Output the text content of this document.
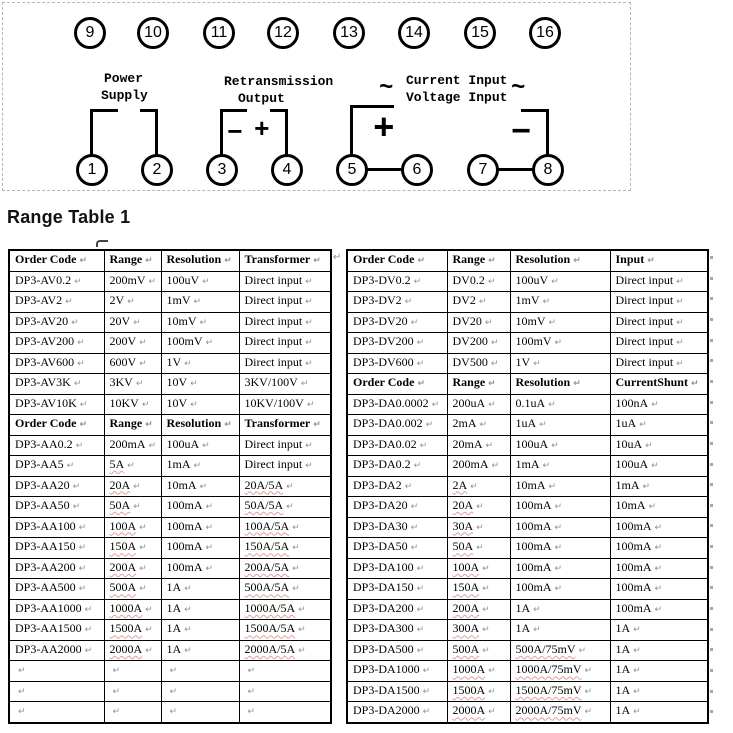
9	10	11	12	13	14	15	16
1	2	3	4	5	6	7	8
Power
Supply
Retransmission
Output	~ Current Input ~
Voltage Input
− +	+	−
Range Table 1
↵
Order Code ↵	Range ↵	Resolution ↵	Transformer ↵
DP3-AV0.2 ↵	200mV ↵	100uV ↵	Direct input ↵
DP3-AV2 ↵	2V ↵	1mV ↵	Direct input ↵
DP3-AV20 ↵	20V ↵	10mV ↵	Direct input ↵
DP3-AV200 ↵	200V ↵	100mV ↵	Direct input ↵
DP3-AV600 ↵	600V ↵	1V ↵	Direct input ↵
DP3-AV3K ↵	3KV ↵	10V ↵	3KV/100V ↵
DP3-AV10K ↵	10KV ↵	10V ↵	10KV/100V ↵
Order Code ↵	Range ↵	Resolution ↵	Transformer ↵
DP3-AA0.2 ↵	200mA ↵	100uA ↵	Direct input ↵
DP3-AA5 ↵	5A ↵	1mA ↵	Direct input ↵
DP3-AA20 ↵	20A ↵	10mA ↵	20A/5A ↵
DP3-AA50 ↵	50A ↵	100mA ↵	50A/5A ↵
DP3-AA100 ↵	100A ↵	100mA ↵	100A/5A ↵
DP3-AA150 ↵	150A ↵	100mA ↵	150A/5A ↵
DP3-AA200 ↵	200A ↵	100mA ↵	200A/5A ↵
DP3-AA500 ↵	500A ↵	1A ↵	500A/5A ↵
DP3-AA1000 ↵	1000A ↵	1A ↵	1000A/5A ↵
DP3-AA1500 ↵	1500A ↵	1A ↵	1500A/5A ↵
DP3-AA2000 ↵	2000A ↵	1A ↵	2000A/5A ↵
↵	↵	↵	↵
↵	↵	↵	↵
↵	↵	↵	↵
Order Code ↵	Range ↵	Resolution ↵	Input ↵
DP3-DV0.2 ↵	DV0.2 ↵	100uV ↵	Direct input ↵
DP3-DV2 ↵	DV2 ↵	1mV ↵	Direct input ↵
DP3-DV20 ↵	DV20 ↵	10mV ↵	Direct input ↵
DP3-DV200 ↵	DV200 ↵	100mV ↵	Direct input ↵
DP3-DV600 ↵	DV500 ↵	1V ↵	Direct input ↵
Order Code ↵	Range ↵	Resolution ↵	CurrentShunt ↵
DP3-DA0.0002 ↵	200uA ↵	0.1uA ↵	100nA ↵
DP3-DA0.002 ↵	2mA ↵	1uA ↵	1uA ↵
DP3-DA0.02 ↵	20mA ↵	100uA ↵	10uA ↵
DP3-DA0.2 ↵	200mA ↵	1mA ↵	100uA ↵
DP3-DA2 ↵	2A ↵	10mA ↵	1mA ↵
DP3-DA20 ↵	20A ↵	100mA ↵	10mA ↵
DP3-DA30 ↵	30A ↵	100mA ↵	100mA ↵
DP3-DA50 ↵	50A ↵	100mA ↵	100mA ↵
DP3-DA100 ↵	100A ↵	100mA ↵	100mA ↵
DP3-DA150 ↵	150A ↵	100mA ↵	100mA ↵
DP3-DA200 ↵	200A ↵	1A ↵	100mA ↵
DP3-DA300 ↵	300A ↵	1A ↵	1A ↵
DP3-DA500 ↵	500A ↵	500A/75mV ↵	1A ↵
DP3-DA1000 ↵	1000A ↵	1000A/75mV ↵	1A ↵
DP3-DA1500 ↵	1500A ↵	1500A/75mV ↵	1A ↵
DP3-DA2000 ↵	2000A ↵	2000A/75mV ↵	1A ↵
